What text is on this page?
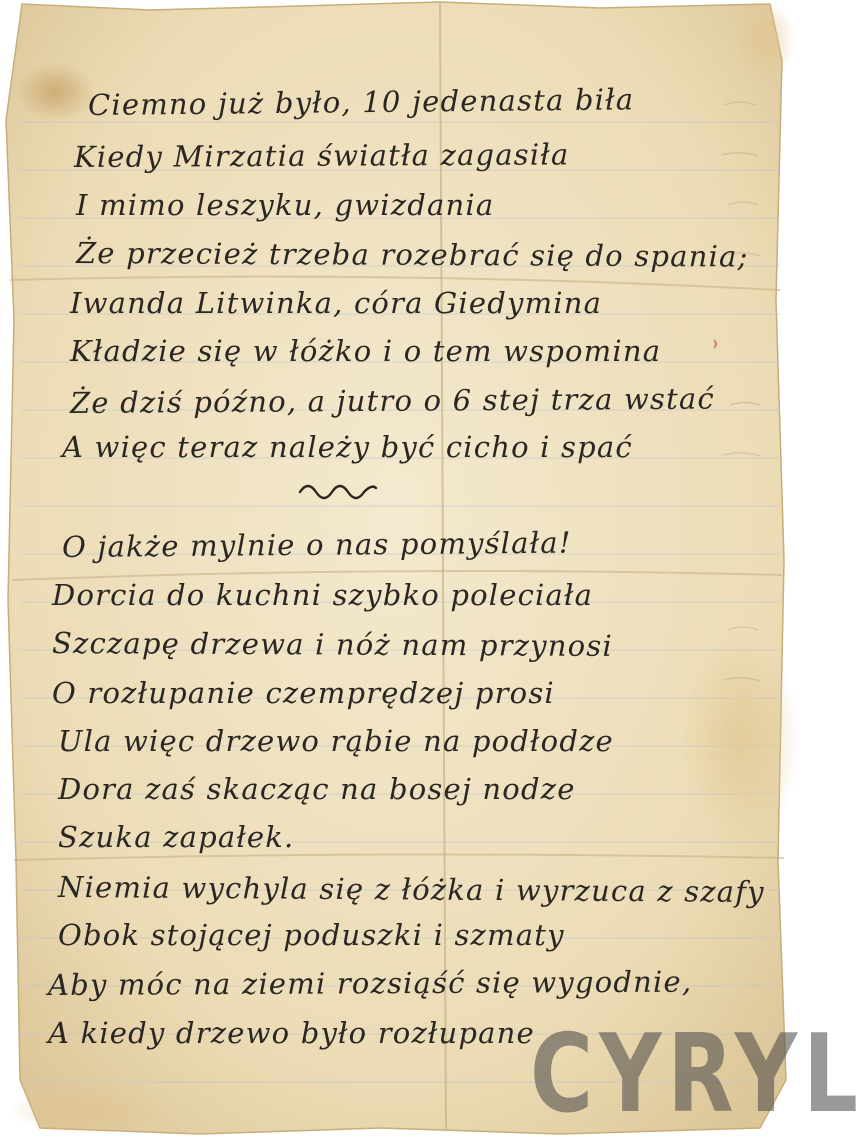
Ciemno już było, 10 jedenasta biła
Kiedy Mirzatia światła zagasiła
I mimo leszyku, gwizdania
Że przecież trzeba rozebrać się do spania;
Iwanda Litwinka, córa Giedymina
Kładzie się w łóżko i o tem wspomina
Że dziś późno, a jutro o 6 stej trza wstać
A więc teraz należy być cicho i spać
O jakże mylnie o nas pomyślała!
Dorcia do kuchni szybko poleciała
Szczapę drzewa i nóż nam przynosi
O rozłupanie czemprędzej prosi
Ula więc drzewo rąbie na podłodze
Dora zaś skacząc na bosej nodze
Szuka zapałek.
Niemia wychyla się z łóżka i wyrzuca z szafy
Obok stojącej poduszki i szmaty
Aby móc na ziemi rozsiąść się wygodnie,
A kiedy drzewo było rozłupane
CYRYL
